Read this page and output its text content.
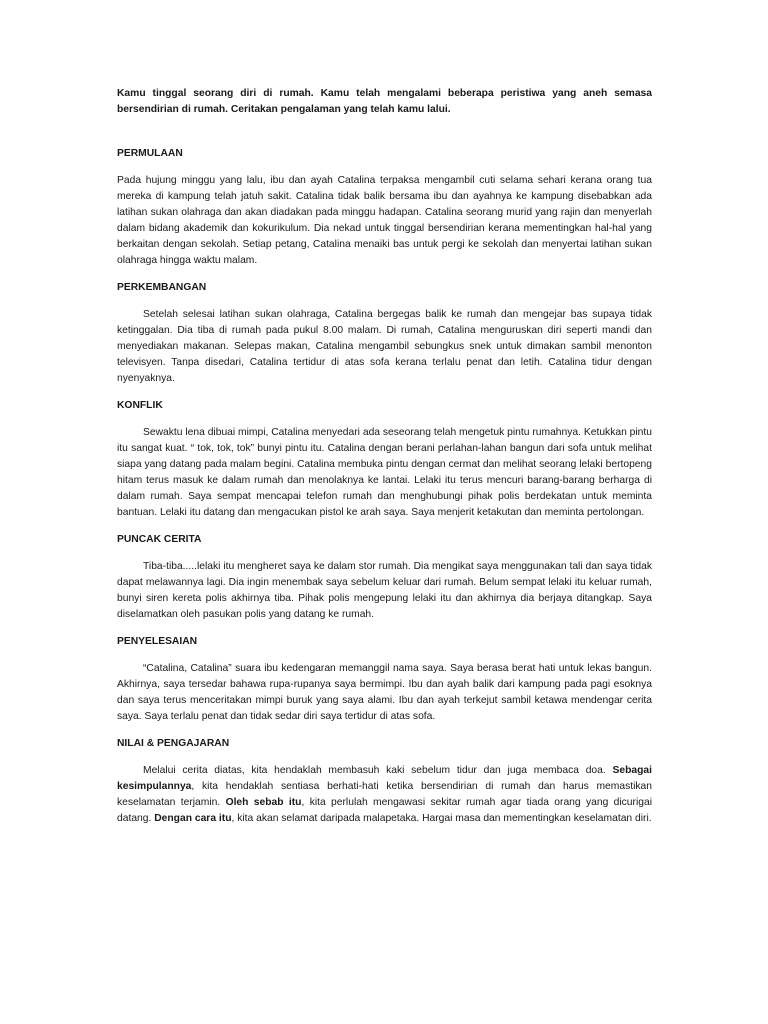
Kamu tinggal seorang diri di rumah. Kamu telah mengalami beberapa peristiwa yang aneh semasa bersendirian di rumah. Ceritakan pengalaman yang telah kamu lalui.

PERMULAAN

Pada hujung minggu yang lalu, ibu dan ayah Catalina terpaksa mengambil cuti selama sehari kerana orang tua mereka di kampung telah jatuh sakit. Catalina tidak balik bersama ibu dan ayahnya ke kampung disebabkan ada latihan sukan olahraga dan akan diadakan pada minggu hadapan. Catalina seorang murid yang rajin dan menyerlah dalam bidang akademik dan kokurikulum. Dia nekad untuk tinggal bersendirian kerana mementingkan hal-hal yang berkaitan dengan sekolah. Setiap petang, Catalina menaiki bas untuk pergi ke sekolah dan menyertai latihan sukan olahraga hingga waktu malam.

PERKEMBANGAN

Setelah selesai latihan sukan olahraga, Catalina bergegas balik ke rumah dan mengejar bas supaya tidak ketinggalan. Dia tiba di rumah pada pukul 8.00 malam. Di rumah, Catalina menguruskan diri seperti mandi dan menyediakan makanan. Selepas makan, Catalina mengambil sebungkus snek untuk dimakan sambil menonton televisyen. Tanpa disedari, Catalina tertidur di atas sofa kerana terlalu penat dan letih. Catalina tidur dengan nyenyaknya.

KONFLIK

Sewaktu lena dibuai mimpi, Catalina menyedari ada seseorang telah mengetuk pintu rumahnya. Ketukkan pintu itu sangat kuat. “ tok, tok, tok” bunyi pintu itu. Catalina dengan berani perlahan-lahan bangun dari sofa untuk melihat siapa yang datang pada malam begini. Catalina membuka pintu dengan cermat dan melihat seorang lelaki bertopeng hitam terus masuk ke dalam rumah dan menolaknya ke lantai. Lelaki itu terus mencuri barang-barang berharga di dalam rumah. Saya sempat mencapai telefon rumah dan menghubungi pihak polis berdekatan untuk meminta bantuan. Lelaki itu datang dan mengacukan pistol ke arah saya. Saya menjerit ketakutan dan meminta pertolongan.

PUNCAK CERITA

Tiba-tiba.....lelaki itu mengheret saya ke dalam stor rumah. Dia mengikat saya menggunakan tali dan saya tidak dapat melawannya lagi. Dia ingin menembak saya sebelum keluar dari rumah. Belum sempat lelaki itu keluar rumah, bunyi siren kereta polis akhirnya tiba. Pihak polis mengepung lelaki itu dan akhirnya dia berjaya ditangkap. Saya diselamatkan oleh pasukan polis yang datang ke rumah.

PENYELESAIAN

“Catalina, Catalina” suara ibu kedengaran memanggil nama saya. Saya berasa berat hati untuk lekas bangun. Akhirnya, saya tersedar bahawa rupa-rupanya saya bermimpi. Ibu dan ayah balik dari kampung pada pagi esoknya dan saya terus menceritakan mimpi buruk yang saya alami. Ibu dan ayah terkejut sambil ketawa mendengar cerita saya. Saya terlalu penat dan tidak sedar diri saya tertidur di atas sofa.

NILAI & PENGAJARAN

Melalui cerita diatas, kita hendaklah membasuh kaki sebelum tidur dan juga membaca doa. Sebagai kesimpulannya, kita hendaklah sentiasa berhati-hati ketika bersendirian di rumah dan harus memastikan keselamatan terjamin. Oleh sebab itu, kita perlulah mengawasi sekitar rumah agar tiada orang yang dicurigai datang. Dengan cara itu, kita akan selamat daripada malapetaka. Hargai masa dan mementingkan keselamatan diri.
